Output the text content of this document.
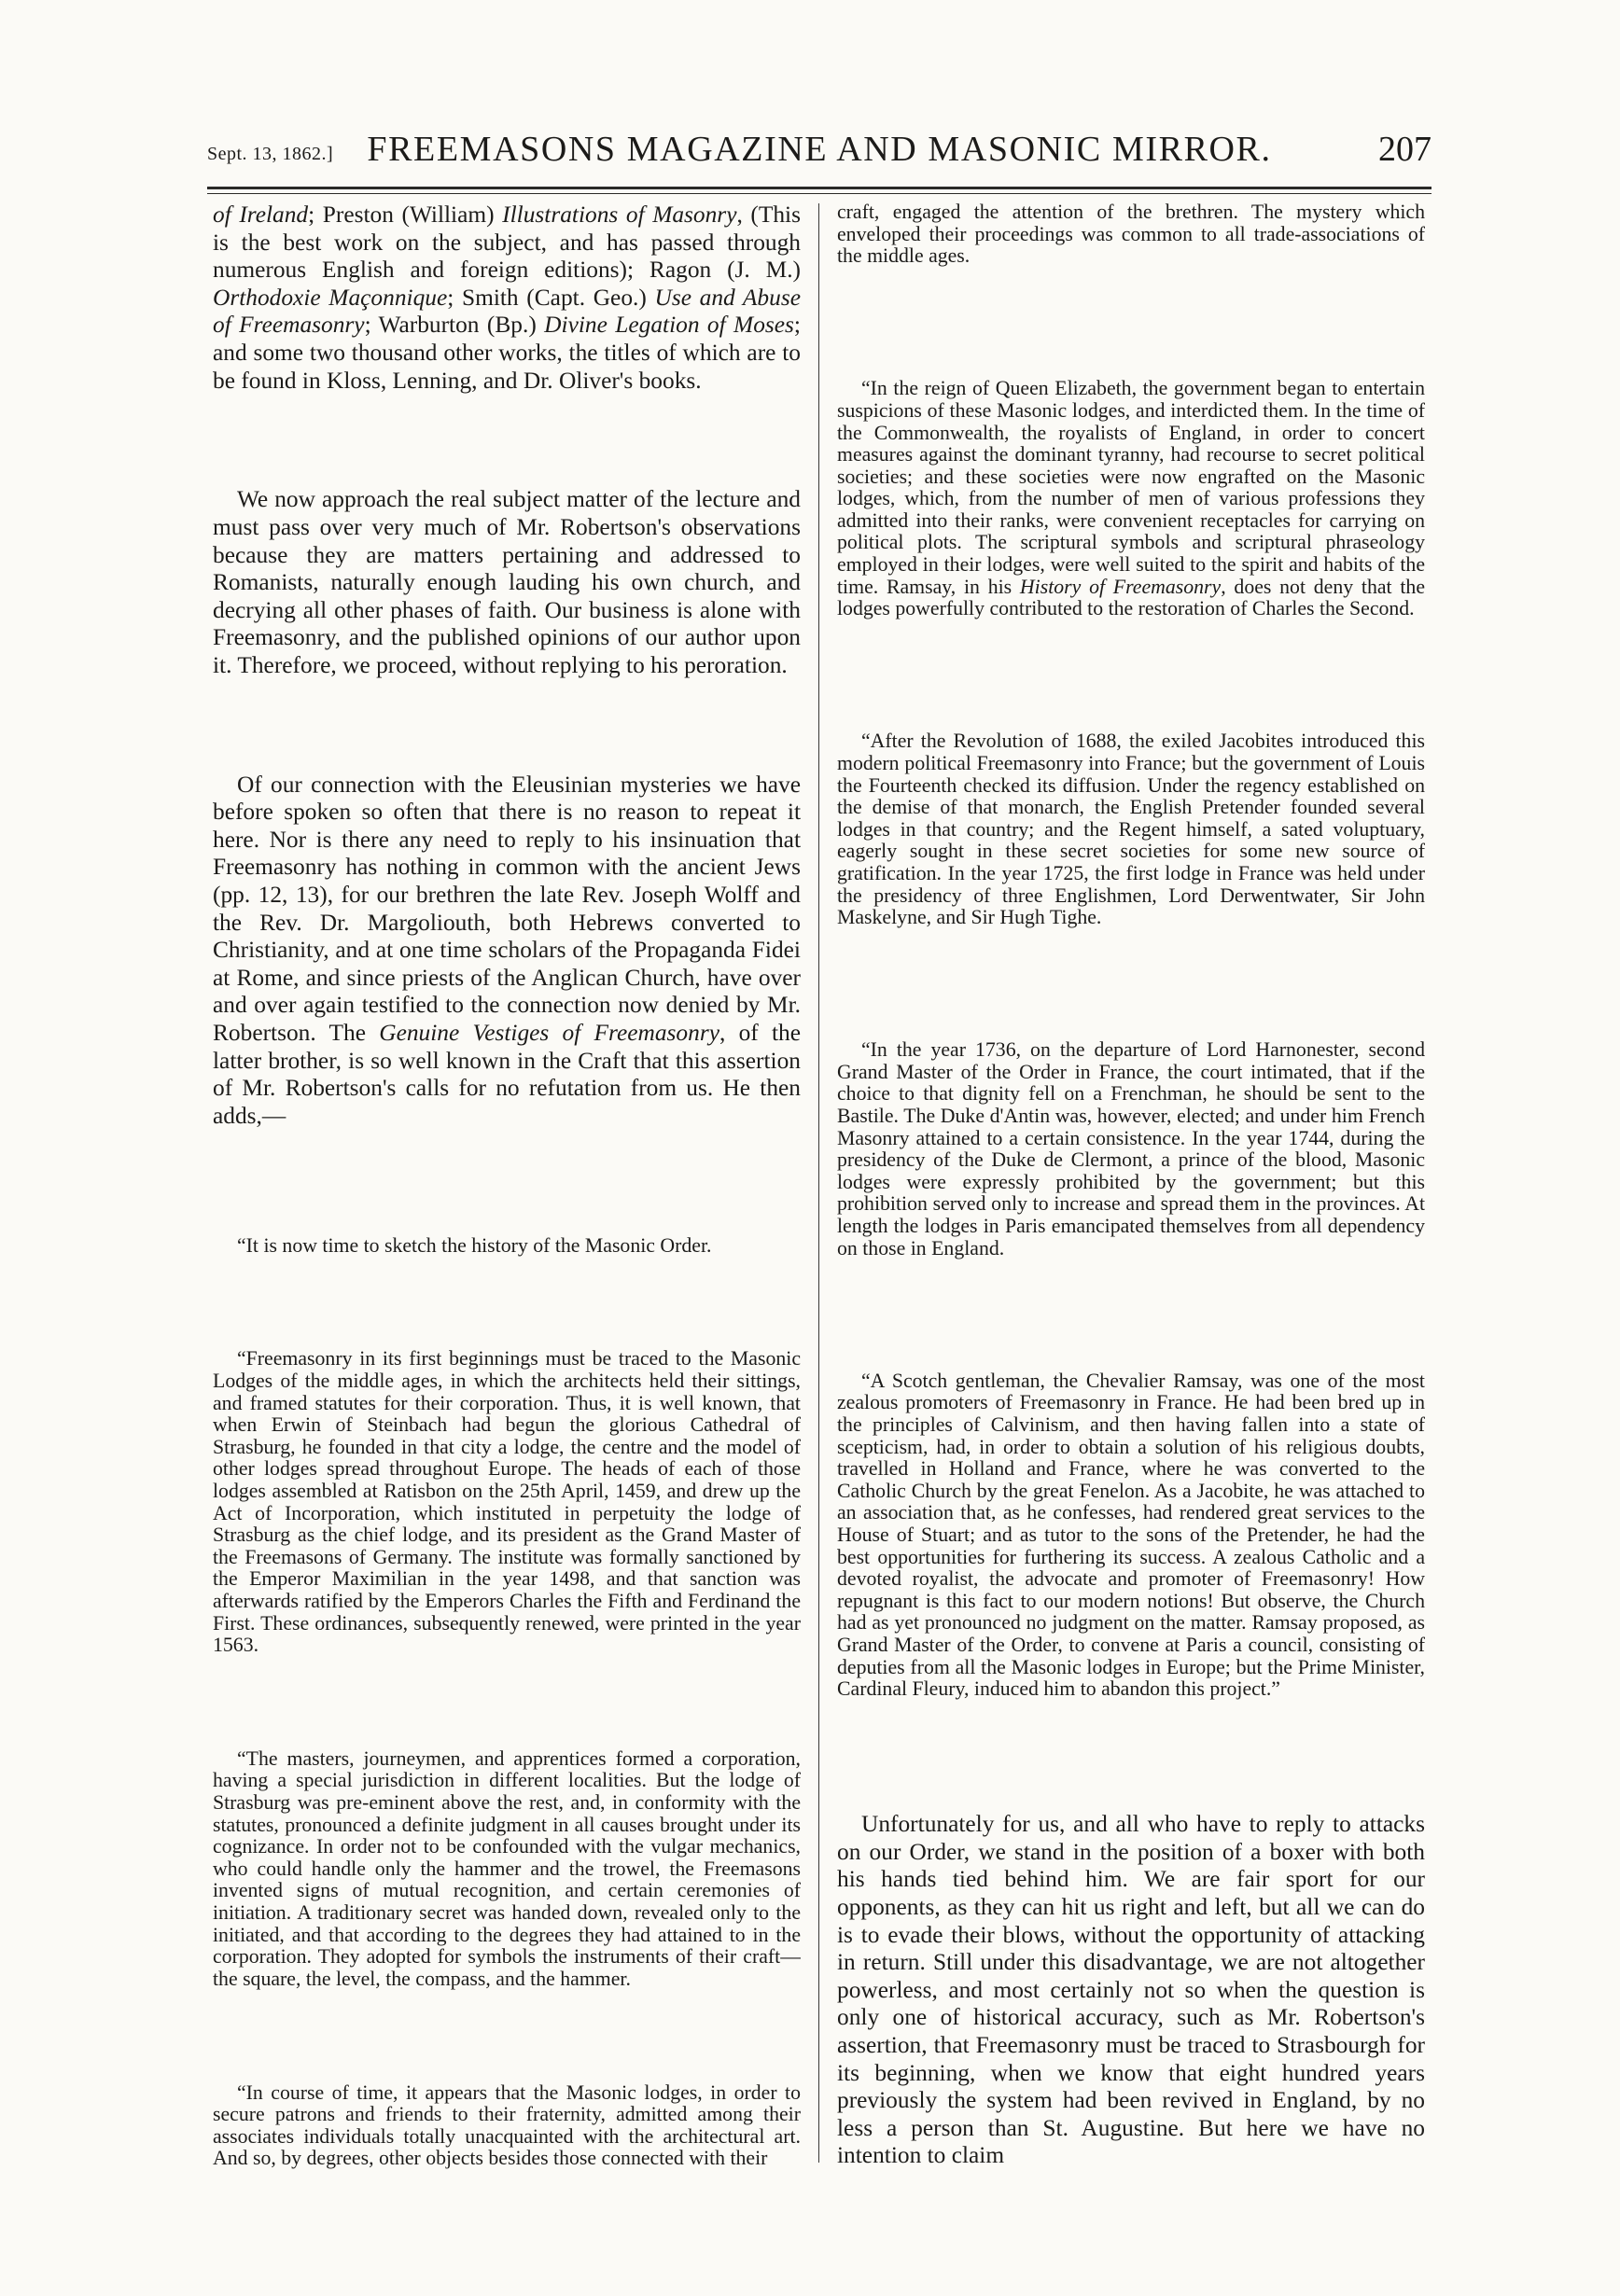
Sept. 13, 1862.] FREEMASONS MAGAZINE AND MASONIC MIRROR.	207

of Ireland; Preston (William) Illustrations of Masonry, (This is the best work on the subject, and has passed through numerous English and foreign editions); Ragon (J. M.) Orthodoxie Maçonnique; Smith (Capt. Geo.) Use and Abuse of Freemasonry; Warburton (Bp.) Divine Legation of Moses; and some two thousand other works, the titles of which are to be found in Kloss, Lenning, and Dr. Oliver's books.

We now approach the real subject matter of the lecture and must pass over very much of Mr. Robertson's observations because they are matters pertaining and addressed to Romanists, naturally enough lauding his own church, and decrying all other phases of faith. Our business is alone with Freemasonry, and the published opinions of our author upon it. Therefore, we proceed, without replying to his peroration.

Of our connection with the Eleusinian mysteries we have before spoken so often that there is no reason to repeat it here. Nor is there any need to reply to his insinuation that Freemasonry has nothing in common with the ancient Jews (pp. 12, 13), for our brethren the late Rev. Joseph Wolff and the Rev. Dr. Margoliouth, both Hebrews converted to Christianity, and at one time scholars of the Propaganda Fidei at Rome, and since priests of the Anglican Church, have over and over again testified to the connection now denied by Mr. Robertson. The Genuine Vestiges of Freemasonry, of the latter brother, is so well known in the Craft that this assertion of Mr. Robertson's calls for no refutation from us. He then adds,—

“It is now time to sketch the history of the Masonic Order.

“Freemasonry in its first beginnings must be traced to the Masonic Lodges of the middle ages, in which the architects held their sittings, and framed statutes for their corporation. Thus, it is well known, that when Erwin of Steinbach had begun the glorious Cathedral of Strasburg, he founded in that city a lodge, the centre and the model of other lodges spread throughout Europe. The heads of each of those lodges assembled at Ratisbon on the 25th April, 1459, and drew up the Act of Incorporation, which instituted in perpetuity the lodge of Strasburg as the chief lodge, and its president as the Grand Master of the Freemasons of Germany. The institute was formally sanctioned by the Emperor Maximilian in the year 1498, and that sanction was afterwards ratified by the Emperors Charles the Fifth and Ferdinand the First. These ordinances, subsequently renewed, were printed in the year 1563.

“The masters, journeymen, and apprentices formed a corporation, having a special jurisdiction in different localities. But the lodge of Strasburg was pre-eminent above the rest, and, in conformity with the statutes, pronounced a definite judgment in all causes brought under its cognizance. In order not to be confounded with the vulgar mechanics, who could handle only the hammer and the trowel, the Freemasons invented signs of mutual recognition, and certain ceremonies of initiation. A traditionary secret was handed down, revealed only to the initiated, and that according to the degrees they had attained to in the corporation. They adopted for symbols the instruments of their craft—the square, the level, the compass, and the hammer.

“In course of time, it appears that the Masonic lodges, in order to secure patrons and friends to their fraternity, admitted among their associates individuals totally unacquainted with the architectural art. And so, by degrees, other objects besides those connected with their

craft, engaged the attention of the brethren. The mystery which enveloped their proceedings was common to all trade-associations of the middle ages.

“In the reign of Queen Elizabeth, the government began to entertain suspicions of these Masonic lodges, and interdicted them. In the time of the Commonwealth, the royalists of England, in order to concert measures against the dominant tyranny, had recourse to secret political societies; and these societies were now engrafted on the Masonic lodges, which, from the number of men of various professions they admitted into their ranks, were convenient receptacles for carrying on political plots. The scriptural symbols and scriptural phraseology employed in their lodges, were well suited to the spirit and habits of the time. Ramsay, in his History of Freemasonry, does not deny that the lodges powerfully contributed to the restoration of Charles the Second.

“After the Revolution of 1688, the exiled Jacobites introduced this modern political Freemasonry into France; but the government of Louis the Fourteenth checked its diffusion. Under the regency established on the demise of that monarch, the English Pretender founded several lodges in that country; and the Regent himself, a sated voluptuary, eagerly sought in these secret societies for some new source of gratification. In the year 1725, the first lodge in France was held under the presidency of three Englishmen, Lord Derwentwater, Sir John Maskelyne, and Sir Hugh Tighe.

“In the year 1736, on the departure of Lord Harnonester, second Grand Master of the Order in France, the court intimated, that if the choice to that dignity fell on a Frenchman, he should be sent to the Bastile. The Duke d'Antin was, however, elected; and under him French Masonry attained to a certain consistence. In the year 1744, during the presidency of the Duke de Clermont, a prince of the blood, Masonic lodges were expressly prohibited by the government; but this prohibition served only to increase and spread them in the provinces. At length the lodges in Paris emancipated themselves from all dependency on those in England.

“A Scotch gentleman, the Chevalier Ramsay, was one of the most zealous promoters of Freemasonry in France. He had been bred up in the principles of Calvinism, and then having fallen into a state of scepticism, had, in order to obtain a solution of his religious doubts, travelled in Holland and France, where he was converted to the Catholic Church by the great Fenelon. As a Jacobite, he was attached to an association that, as he confesses, had rendered great services to the House of Stuart; and as tutor to the sons of the Pretender, he had the best opportunities for furthering its success. A zealous Catholic and a devoted royalist, the advocate and promoter of Freemasonry! How repugnant is this fact to our modern notions! But observe, the Church had as yet pronounced no judgment on the matter. Ramsay proposed, as Grand Master of the Order, to convene at Paris a council, consisting of deputies from all the Masonic lodges in Europe; but the Prime Minister, Cardinal Fleury, induced him to abandon this project.”

Unfortunately for us, and all who have to reply to attacks on our Order, we stand in the position of a boxer with both his hands tied behind him. We are fair sport for our opponents, as they can hit us right and left, but all we can do is to evade their blows, without the opportunity of attacking in return. Still under this disadvantage, we are not altogether powerless, and most certainly not so when the question is only one of historical accuracy, such as Mr. Robertson's assertion, that Freemasonry must be traced to Strasbourgh for its beginning, when we know that eight hundred years previously the system had been revived in England, by no less a person than St. Augustine. But here we have no intention to claim
